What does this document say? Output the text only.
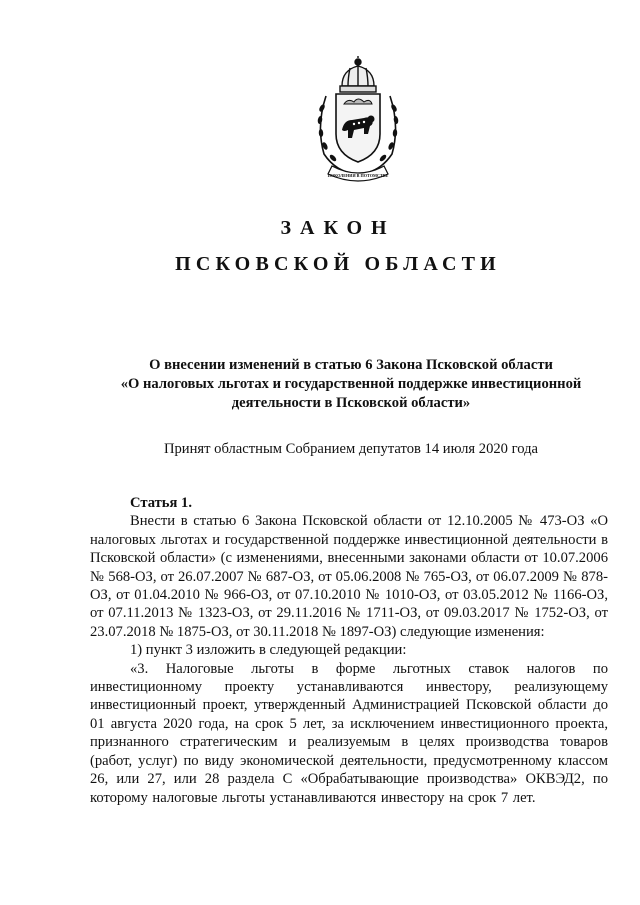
ПОКОЛЕНИЯ В ПОТОМСТВЕ
ЗАКОН
ПСКОВСКОЙ ОБЛАСТИ
О внесении изменений в статью 6 Закона Псковской области
«О налоговых льготах и государственной поддержке инвестиционной
деятельности в Псковской области»
Принят областным Собранием депутатов 14 июля 2020 года
Статья 1.

Внести в статью 6 Закона Псковской области от 12.10.2005 № 473-ОЗ «О налоговых льготах и государственной поддержке инвестиционной деятельности в Псковской области» (с изменениями, внесенными законами области от 10.07.2006 № 568-ОЗ, от 26.07.2007 № 687-ОЗ, от 05.06.2008 № 765-ОЗ, от 06.07.2009 № 878-ОЗ, от 01.04.2010 № 966-ОЗ, от 07.10.2010 № 1010-ОЗ, от 03.05.2012 № 1166-ОЗ, от 07.11.2013 № 1323-ОЗ, от 29.11.2016 № 1711-ОЗ, от 09.03.2017 № 1752-ОЗ, от 23.07.2018 № 1875-ОЗ, от 30.11.2018 № 1897-ОЗ) следующие изменения:

1) пункт 3 изложить в следующей редакции:

«3. Налоговые льготы в форме льготных ставок налогов по инвестиционному проекту устанавливаются инвестору, реализующему инвестиционный проект, утвержденный Администрацией Псковской области до 01 августа 2020 года, на срок 5 лет, за исключением инвестиционного проекта, признанного стратегическим и реализуемым в целях производства товаров (работ, услуг) по виду экономической деятельности, предусмотренному классом 26, или 27, или 28 раздела С «Обрабатывающие производства» ОКВЭД2, по которому налоговые льготы устанавливаются инвестору на срок 7 лет.
